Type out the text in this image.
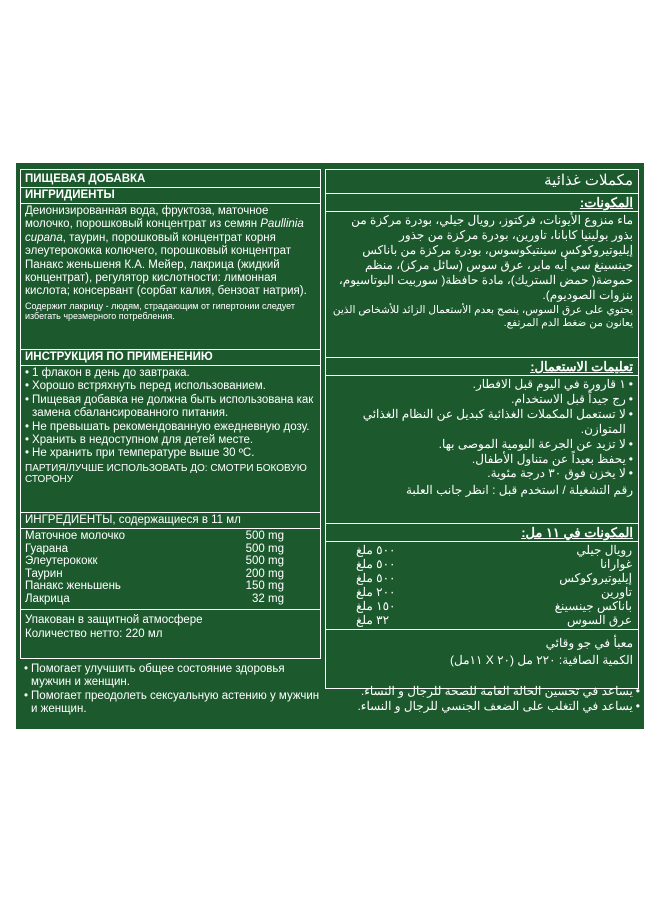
ПИЩЕВАЯ ДОБАВКА
ИНГРИДИЕНТЫ
Деионизированная вода, фруктоза, маточное молочко, порошковый концентрат из семян Paullinia cupana, таурин, порошковый концентрат корня элеутерококка колючего, порошковый концентрат Панакс женьшеня К.А. Мейер, лакрица (жидкий концентрат), регулятор кислотности: лимонная кислота; консервант (сорбат калия, бензоат натрия).
Содержит лакрицу - людям, страдающим от гипертонии следует избегать чрезмерного потребления.
ИНСТРУКЦИЯ ПО ПРИМЕНЕНИЮ
• 1 флакон в день до завтрака.
• Хорошо встряхнуть перед использованием.
• Пищевая добавка не должна быть использована как замена сбалансированного питания.
• Не превышать рекомендованную ежедневную дозу.
• Хранить в недоступном для детей месте.
• Не хранить при температуре выше 30 ºC.
ПАРТИЯ/ЛУЧШЕ ИСПОЛЬЗОВАТЬ ДО: СМОТРИ БОКОВУЮ СТОРОНУ
ИНГРЕДИЕНТЫ, содержащиеся в 11 мл
Маточное молочко	500 mg
Гуарана	500 mg
Элеутерококк	500 mg
Таурин	200 mg
Панакс женьшень	150 mg
Лакрица	32 mg
Упакован в защитной атмосфере
Количество нетто: 220 мл
• Помогает улучшить общее состояние здоровья мужчин и женщин.
• Помогает преодолеть сексуальную астению у мужчин и женщин.
مكملات غذائية
المكونات:
ماء منزوع الأيونات، فركتوز، رويال جيلي، بودرة مركزة من بذور بولينيا كابانا، تاورين، بودرة مركزة من جذور إيليوتيروكوكس سينتيكوسوس، بودرة مركزة من باناكس جينسينغ سي أيه ماير، عرق سوس (سائل مركز)، منظم حموضة( حمض الستريك)، مادة حافظة( سوربيت البوتاسيوم، بنزوات الصوديوم).
يحتوي على عرق السوس، ينصح بعدم الأستعمال الزائد للأشخاص الذين يعانون من ضغط الدم المرتفع.
تعليمات الاستعمال:
•
١ قارورة في اليوم قبل الافطار.
•
رج جيداً قبل الاستخدام.
•
لا تستعمل المكملات الغذائية كبديل عن النظام الغذائي المتوازن.
•
لا تزيد عن الجرعة اليومية الموصى بها.
•
يحفظ بعيداً عن متناول الأطفال.
•
لا يخزن فوق ٣٠ درجة مئوية.
رقم التشغيلة / استخدم قبل : انظر جانب العلبة
المكونات في ١١ مل:
رويال جيلي	٥٠٠ ملغ
غوارانا	٥٠٠ ملغ
إيليوتيروكوكس	٥٠٠ ملغ
تاورين	٢٠٠ ملغ
باناكس جينسينغ	١٥٠ ملغ
عرق السوس	٣٢ ملغ
معبأ في جو وقائي
الكمية الصافية: ٢٢٠ مل (٢٠ X ١١مل)
•
يساعد في تحسين الحالة العامة للصحة للرجال و النساء.
•
يساعد في التغلب على الضعف الجنسي للرجال و النساء.
